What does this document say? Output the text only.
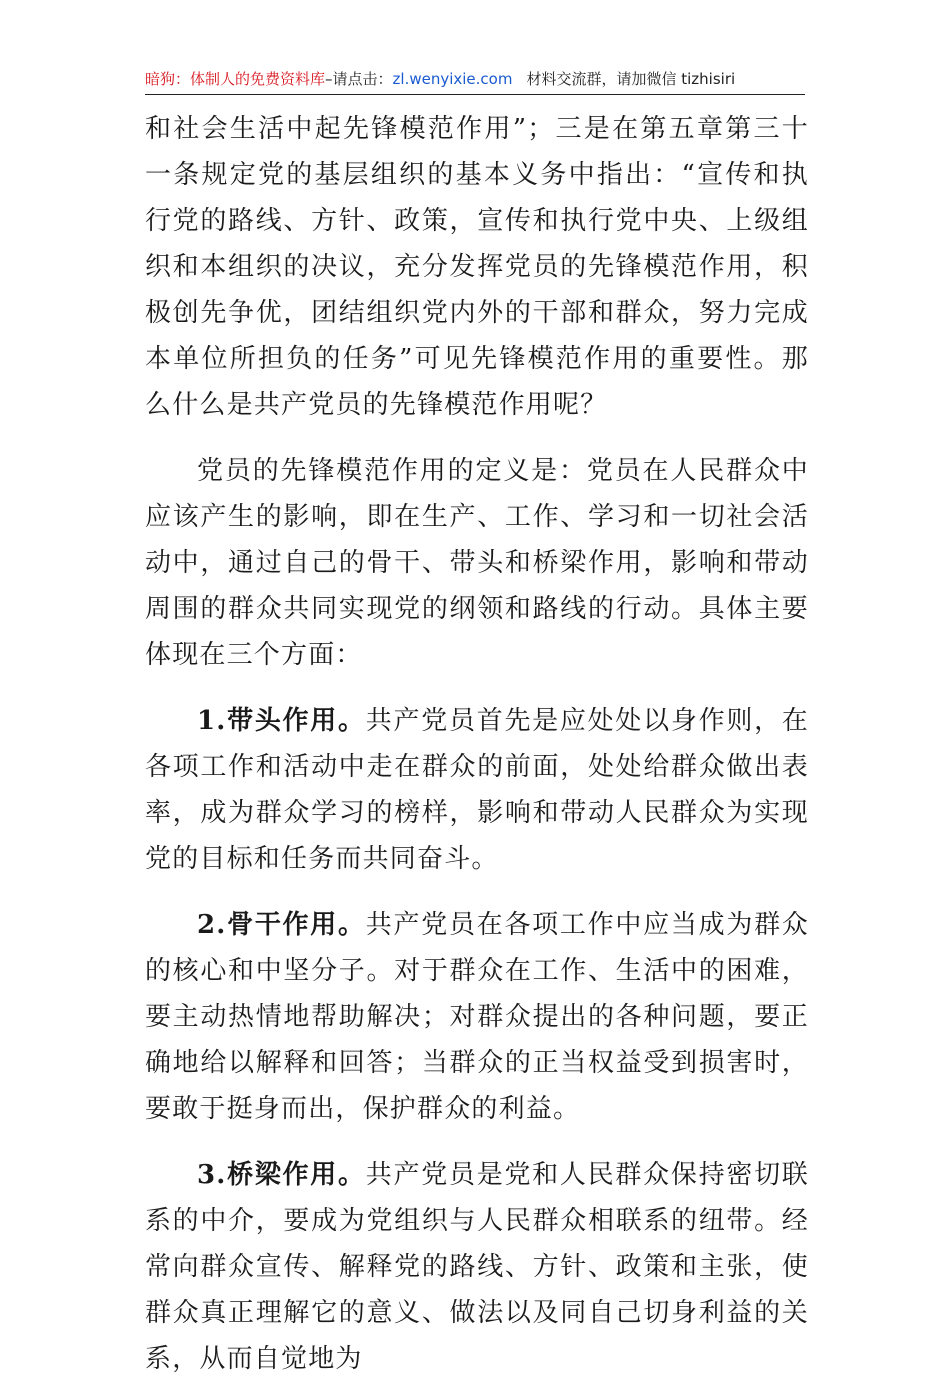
暗狗：体制人的免费资料库–请点击：zl.wenyixie.com 材料交流群，请加微信 tizhisiri

和社会生活中起先锋模范作用”；三是在第五章第三十一条规定党的基层组织的基本义务中指出：“宣传和执行党的路线、方针、政策，宣传和执行党中央、上级组织和本组织的决议，充分发挥党员的先锋模范作用，积极创先争优，团结组织党内外的干部和群众，努力完成本单位所担负的任务”可见先锋模范作用的重要性。那么什么是共产党员的先锋模范作用呢？

党员的先锋模范作用的定义是：党员在人民群众中应该产生的影响，即在生产、工作、学习和一切社会活动中，通过自己的骨干、带头和桥梁作用，影响和带动周围的群众共同实现党的纲领和路线的行动。具体主要体现在三个方面：

1.带头作用。共产党员首先是应处处以身作则，在各项工作和活动中走在群众的前面，处处给群众做出表率，成为群众学习的榜样，影响和带动人民群众为实现党的目标和任务而共同奋斗。

2.骨干作用。共产党员在各项工作中应当成为群众的核心和中坚分子。对于群众在工作、生活中的困难，要主动热情地帮助解决；对群众提出的各种问题，要正确地给以解释和回答；当群众的正当权益受到损害时，要敢于挺身而出，保护群众的利益。

3.桥梁作用。共产党员是党和人民群众保持密切联系的中介，要成为党组织与人民群众相联系的纽带。经常向群众宣传、解释党的路线、方针、政策和主张，使群众真正理解它的意义、做法以及同自己切身利益的关系，从而自觉地为
